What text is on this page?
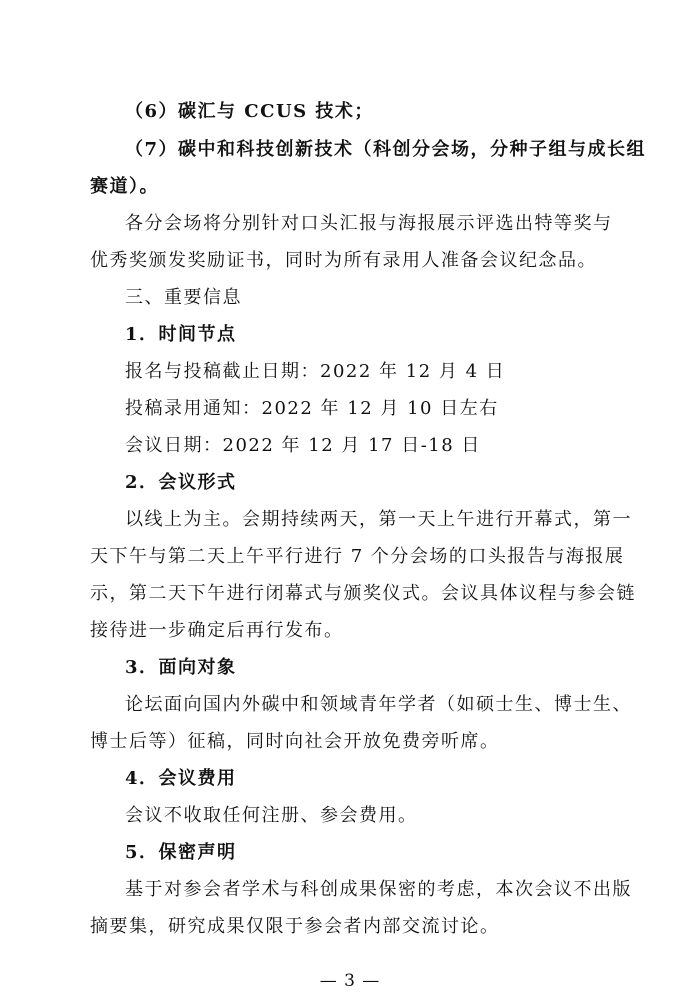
（6）碳汇与 CCUS 技术；
（7）碳中和科技创新技术（科创分会场，分种子组与成长组
赛道）。
各分会场将分别针对口头汇报与海报展示评选出特等奖与
优秀奖颁发奖励证书，同时为所有录用人准备会议纪念品。
三、重要信息
1．时间节点
报名与投稿截止日期：2022 年 12 月 4 日
投稿录用通知：2022 年 12 月 10 日左右
会议日期：2022 年 12 月 17 日-18 日
2．会议形式
以线上为主。会期持续两天，第一天上午进行开幕式，第一
天下午与第二天上午平行进行 7 个分会场的口头报告与海报展
示，第二天下午进行闭幕式与颁奖仪式。会议具体议程与参会链
接待进一步确定后再行发布。
3．面向对象
论坛面向国内外碳中和领域青年学者（如硕士生、博士生、
博士后等）征稿，同时向社会开放免费旁听席。
4．会议费用
会议不收取任何注册、参会费用。
5．保密声明
基于对参会者学术与科创成果保密的考虑，本次会议不出版
摘要集，研究成果仅限于参会者内部交流讨论。
— 3 —
